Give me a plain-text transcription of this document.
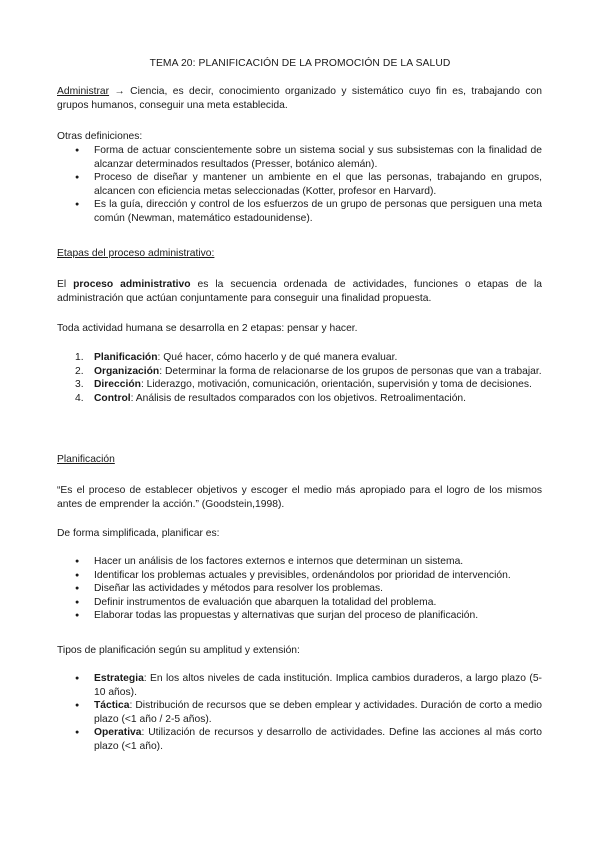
TEMA 20: PLANIFICACIÓN DE LA PROMOCIÓN DE LA SALUD

Administrar → Ciencia, es decir, conocimiento organizado y sistemático cuyo fin es, trabajando con grupos humanos, conseguir una meta establecida.

Otras definiciones:
● Forma de actuar conscientemente sobre un sistema social y sus subsistemas con la finalidad de alcanzar determinados resultados (Presser, botánico alemán).
● Proceso de diseñar y mantener un ambiente en el que las personas, trabajando en grupos, alcancen con eficiencia metas seleccionadas (Kotter, profesor en Harvard).
● Es la guía, dirección y control de los esfuerzos de un grupo de personas que persiguen una meta común (Newman, matemático estadounidense).
Etapas del proceso administrativo:

El proceso administrativo es la secuencia ordenada de actividades, funciones o etapas de la administración que actúan conjuntamente para conseguir una finalidad propuesta.

Toda actividad humana se desarrolla en 2 etapas: pensar y hacer.
1. Planificación: Qué hacer, cómo hacerlo y de qué manera evaluar.
2. Organización: Determinar la forma de relacionarse de los grupos de personas que van a trabajar.
3. Dirección: Liderazgo, motivación, comunicación, orientación, supervisión y toma de decisiones.
4. Control: Análisis de resultados comparados con los objetivos. Retroalimentación.
Planificación

“Es el proceso de establecer objetivos y escoger el medio más apropiado para el logro de los mismos antes de emprender la acción.” (Goodstein,1998).

De forma simplificada, planificar es:
● Hacer un análisis de los factores externos e internos que determinan un sistema.
● Identificar los problemas actuales y previsibles, ordenándolos por prioridad de intervención.
● Diseñar las actividades y métodos para resolver los problemas.
● Definir instrumentos de evaluación que abarquen la totalidad del problema.
● Elaborar todas las propuestas y alternativas que surjan del proceso de planificación.
Tipos de planificación según su amplitud y extensión:
● Estrategia: En los altos niveles de cada institución. Implica cambios duraderos, a largo plazo (5-10 años).
● Táctica: Distribución de recursos que se deben emplear y actividades. Duración de corto a medio plazo (<1 año / 2-5 años).
● Operativa: Utilización de recursos y desarrollo de actividades. Define las acciones al más corto plazo (<1 año).
